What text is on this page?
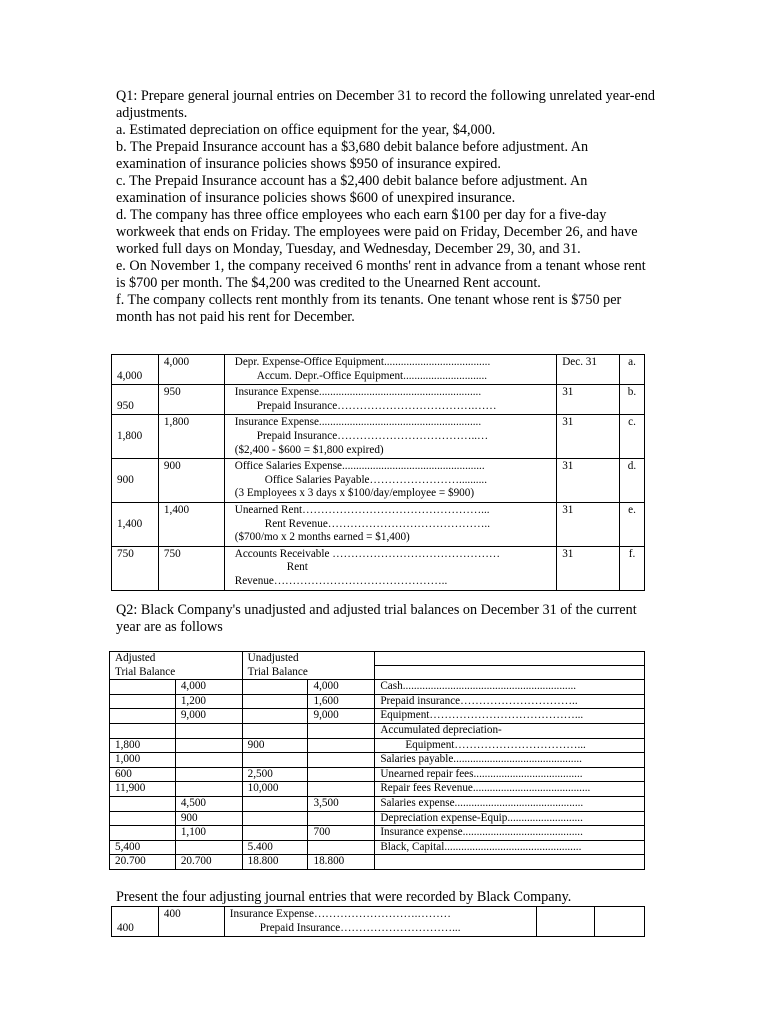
Q1: Prepare general journal entries on December 31 to record the following unrelated year-end adjustments.

a. Estimated depreciation on office equipment for the year, $4,000.

b. The Prepaid Insurance account has a $3,680 debit balance before adjustment. An examination of insurance policies shows $950 of insurance expired.

c. The Prepaid Insurance account has a $2,400 debit balance before adjustment. An examination of insurance policies shows $600 of unexpired insurance.

d. The company has three office employees who each earn $100 per day for a five-day workweek that ends on Friday. The employees were paid on Friday, December 26, and have worked full days on Monday, Tuesday, and Wednesday, December 29, 30, and 31.

e. On November 1, the company received 6 months' rent in advance from a tenant whose rent is $700 per month. The $4,200 was credited to the Unearned Rent account.

f. The company collects rent monthly from its tenants. One tenant whose rent is $750 per month has not paid his rent for December.

4,000	4,000	Depr. Expense-Office Equipment......................................
Accum. Depr.-Office Equipment..............................	Dec. 31	a.

950	950	Insurance Expense..........................................................
Prepaid Insurance……………………………….……	31	b.

1,800	1,800	Insurance Expense..........................................................
Prepaid Insurance………………………………..…
($2,400 - $600 = $1,800 expired)	31	c.

900	900	Office Salaries Expense...................................................
Office Salaries Payable……………………..........
(3 Employees x 3 days x $100/day/employee = $900)	31	d.

1,400	1,400	Unearned Rent…………………………………………...
Rent Revenue……………………………………..
($700/mo x 2 months earned = $1,400)	31	e.
750	750	Accounts Receivable ………………………………………
Rent
Revenue………………………………………..	31	f.

Q2: Black Company's unadjusted and adjusted trial balances on December 31 of the current year are as follows

Adjusted		Unadjusted		
Trial Balance		Trial Balance		
	4,000		4,000	Cash..............................................................
	1,200		1,600	Prepaid insurance…………………………..
	9,000		9,000	Equipment…………………………………...
				Accumulated depreciation-
1,800		900		Equipment……………………………...
1,000				Salaries payable..............................................
600		2,500		Unearned repair fees.......................................
11,900		10,000		Repair fees Revenue..........................................
	4,500		3,500	Salaries expense..............................................
	900			Depreciation expense-Equip...........................
	1,100		700	Insurance expense...........................................
5,400		5.400		Black, Capital.................................................
20.700	20.700	18.800	18.800	

Present the four adjusting journal entries that were recorded by Black Company.

400	400	Insurance Expense……………………….………
Prepaid Insurance…………………………...
